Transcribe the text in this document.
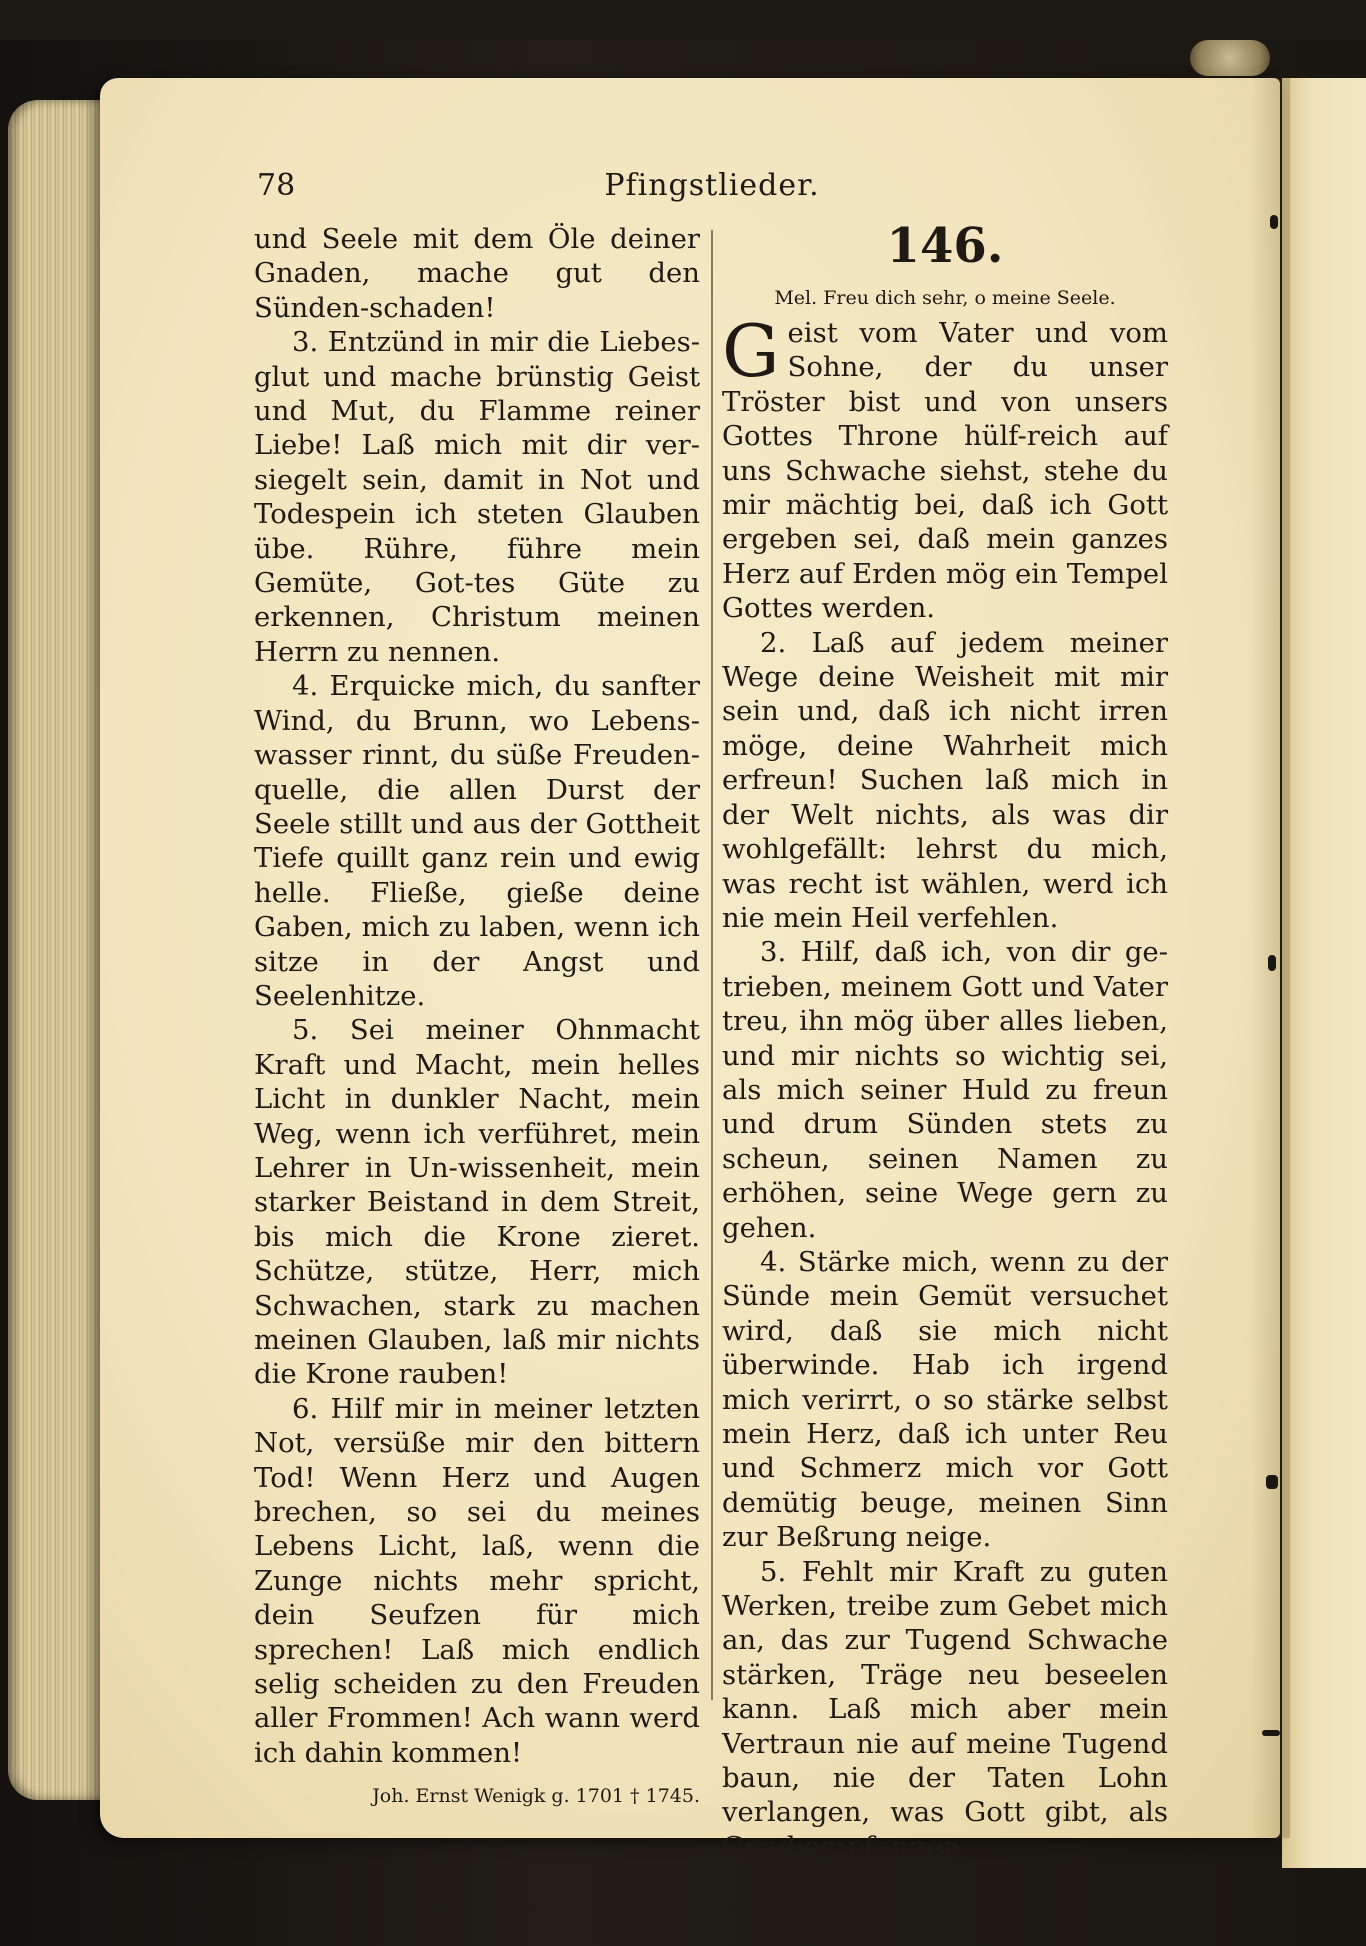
78	Pfingstlieder.

und Seele mit dem Öle deiner Gnaden, mache gut den Sünden-schaden!

3. Entzünd in mir die Liebes-glut und mache brünstig Geist und Mut, du Flamme reiner Liebe! Laß mich mit dir ver-siegelt sein, damit in Not und Todespein ich steten Glauben übe. Rühre, führe mein Gemüte, Got-tes Güte zu erkennen, Christum meinen Herrn zu nennen.

4. Erquicke mich, du sanfter Wind, du Brunn, wo Lebens-wasser rinnt, du süße Freuden-quelle, die allen Durst der Seele stillt und aus der Gottheit Tiefe quillt ganz rein und ewig helle. Fließe, gieße deine Gaben, mich zu laben, wenn ich sitze in der Angst und Seelenhitze.

5. Sei meiner Ohnmacht Kraft und Macht, mein helles Licht in dunkler Nacht, mein Weg, wenn ich verführet, mein Lehrer in Un-wissenheit, mein starker Beistand in dem Streit, bis mich die Krone zieret. Schütze, stütze, Herr, mich Schwachen, stark zu machen meinen Glauben, laß mir nichts die Krone rauben!

6. Hilf mir in meiner letzten Not, versüße mir den bittern Tod! Wenn Herz und Augen brechen, so sei du meines Lebens Licht, laß, wenn die Zunge nichts mehr spricht, dein Seufzen für mich sprechen! Laß mich endlich selig scheiden zu den Freuden aller Frommen! Ach wann werd ich dahin kommen!

Joh. Ernst Wenigk g. 1701 † 1745.

146.

Mel. Freu dich sehr, o meine Seele.

Geist vom Vater und vom Sohne, der du unser Tröster bist und von unsers Gottes Throne hülf-reich auf uns Schwache siehst, stehe du mir mächtig bei, daß ich Gott ergeben sei, daß mein ganzes Herz auf Erden mög ein Tempel Gottes werden.

2. Laß auf jedem meiner Wege deine Weisheit mit mir sein und, daß ich nicht irren möge, deine Wahrheit mich erfreun! Suchen laß mich in der Welt nichts, als was dir wohlgefällt: lehrst du mich, was recht ist wählen, werd ich nie mein Heil verfehlen.

3. Hilf, daß ich, von dir ge-trieben, meinem Gott und Vater treu, ihn mög über alles lieben, und mir nichts so wichtig sei, als mich seiner Huld zu freun und drum Sünden stets zu scheun, seinen Namen zu erhöhen, seine Wege gern zu gehen.

4. Stärke mich, wenn zu der Sünde mein Gemüt versuchet wird, daß sie mich nicht überwinde. Hab ich irgend mich verirrt, o so stärke selbst mein Herz, daß ich unter Reu und Schmerz mich vor Gott demütig beuge, meinen Sinn zur Beßrung neige.

5. Fehlt mir Kraft zu guten Werken, treibe zum Gebet mich an, das zur Tugend Schwache stärken, Träge neu beseelen kann. Laß mich aber mein Vertraun nie auf meine Tugend baun, nie der Taten Lohn verlangen, was Gott gibt, als Gnad empfangen
